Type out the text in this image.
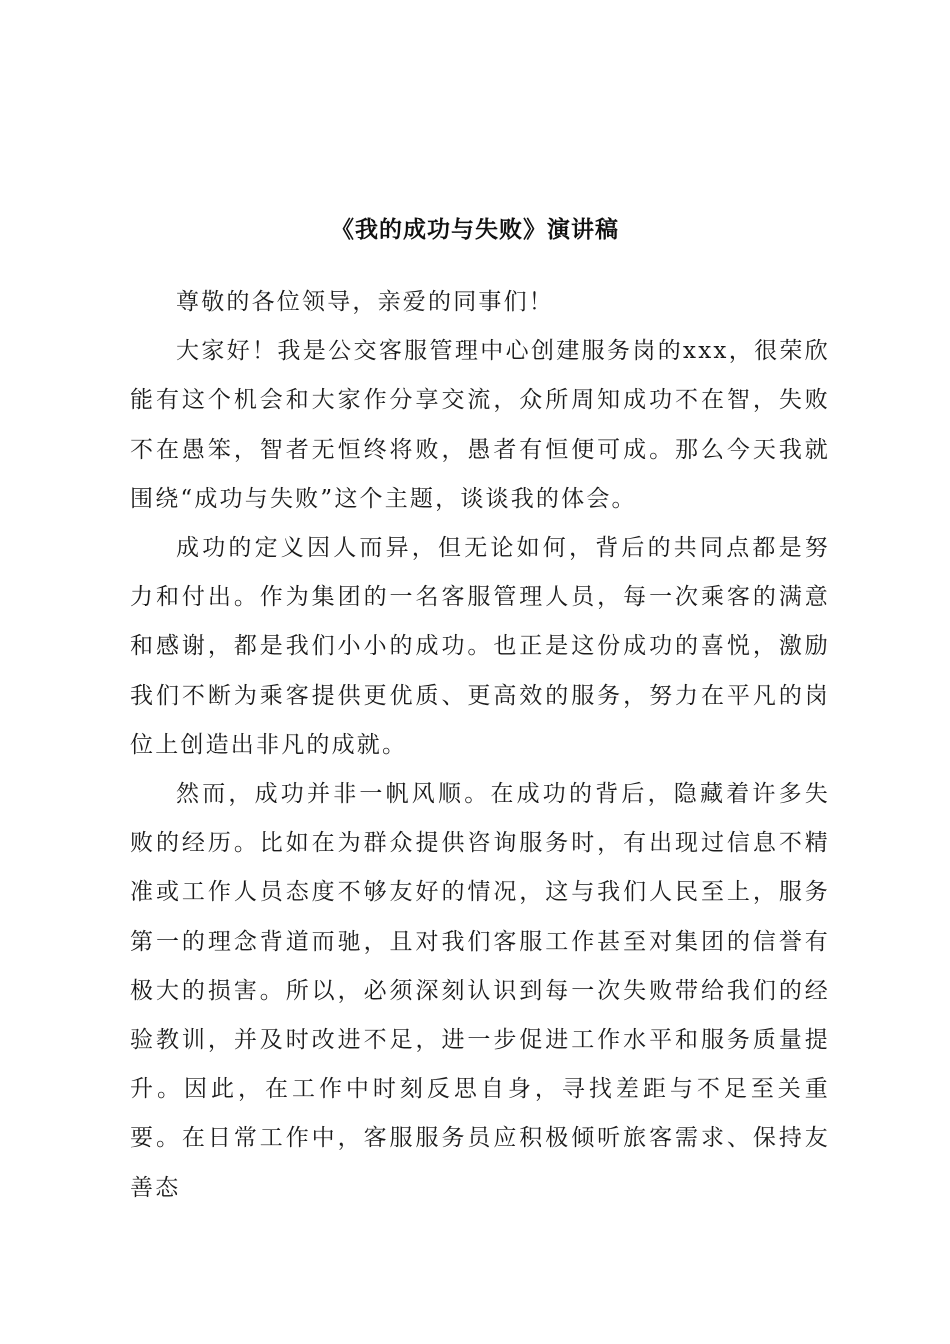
《我的成功与失败》演讲稿

尊敬的各位领导，亲爱的同事们！

大家好！我是公交客服管理中心创建服务岗的xxx，很荣欣能有这个机会和大家作分享交流，众所周知成功不在智，失败不在愚笨，智者无恒终将败，愚者有恒便可成。那么今天我就围绕“成功与失败”这个主题，谈谈我的体会。

成功的定义因人而异，但无论如何，背后的共同点都是努力和付出。作为集团的一名客服管理人员，每一次乘客的满意和感谢，都是我们小小的成功。也正是这份成功的喜悦，激励我们不断为乘客提供更优质、更高效的服务，努力在平凡的岗位上创造出非凡的成就。

然而，成功并非一帆风顺。在成功的背后，隐藏着许多失败的经历。比如在为群众提供咨询服务时，有出现过信息不精准或工作人员态度不够友好的情况，这与我们人民至上，服务第一的理念背道而驰，且对我们客服工作甚至对集团的信誉有极大的损害。所以，必须深刻认识到每一次失败带给我们的经验教训，并及时改进不足，进一步促进工作水平和服务质量提升。因此，在工作中时刻反思自身，寻找差距与不足至关重要。在日常工作中，客服服务员应积极倾听旅客需求、保持友善态
